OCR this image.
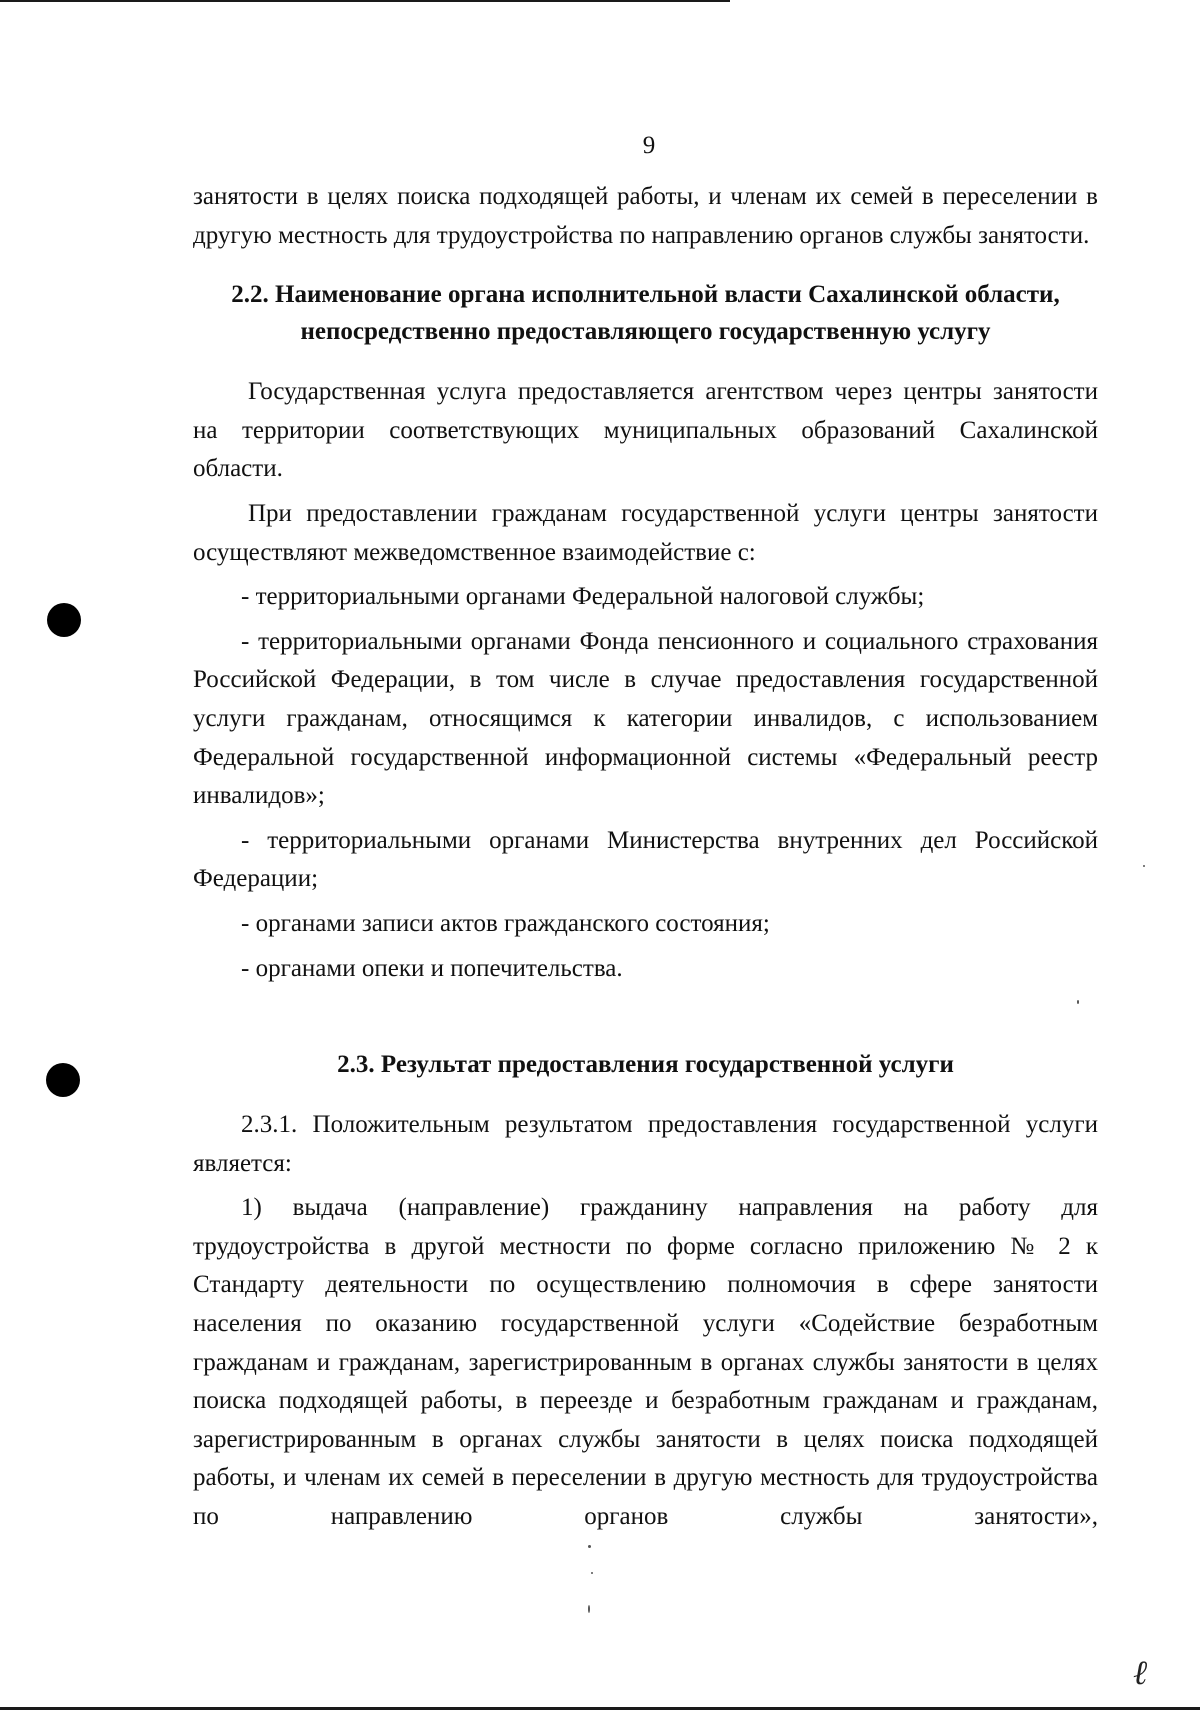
9

занятости в целях поиска подходящей работы, и членам их семей в переселении в другую местность для трудоустройства по направлению органов службы занятости.

2.2. Наименование органа исполнительной власти Сахалинской области,
непосредственно предоставляющего государственную услугу

Государственная услуга предоставляется агентством через центры занятости на территории соответствующих муниципальных образований Сахалинской области.

При предоставлении гражданам государственной услуги центры занятости осуществляют межведомственное взаимодействие с:

- территориальными органами Федеральной налоговой службы;

- территориальными органами Фонда пенсионного и социального страхования Российской Федерации, в том числе в случае предоставления государственной услуги гражданам, относящимся к категории инвалидов, с использованием Федеральной государственной информационной системы «Федеральный реестр инвалидов»;

- территориальными органами Министерства внутренних дел Российской Федерации;

- органами записи актов гражданского состояния;

- органами опеки и попечительства.

2.3. Результат предоставления государственной услуги

2.3.1. Положительным результатом предоставления государственной услуги является:

1) выдача (направление) гражданину направления на работу для трудоустройства в другой местности по форме согласно приложению № 2 к Стандарту деятельности по осуществлению полномочия в сфере занятости населения по оказанию государственной услуги «Содействие безработным гражданам и гражданам, зарегистрированным в органах службы занятости в целях поиска подходящей работы, в переезде и безработным гражданам и гражданам, зарегистрированным в органах службы занятости в целях поиска подходящей работы, и членам их семей в переселении в другую местность для трудоустройства по направлению органов службы занятости»,

ℓ
